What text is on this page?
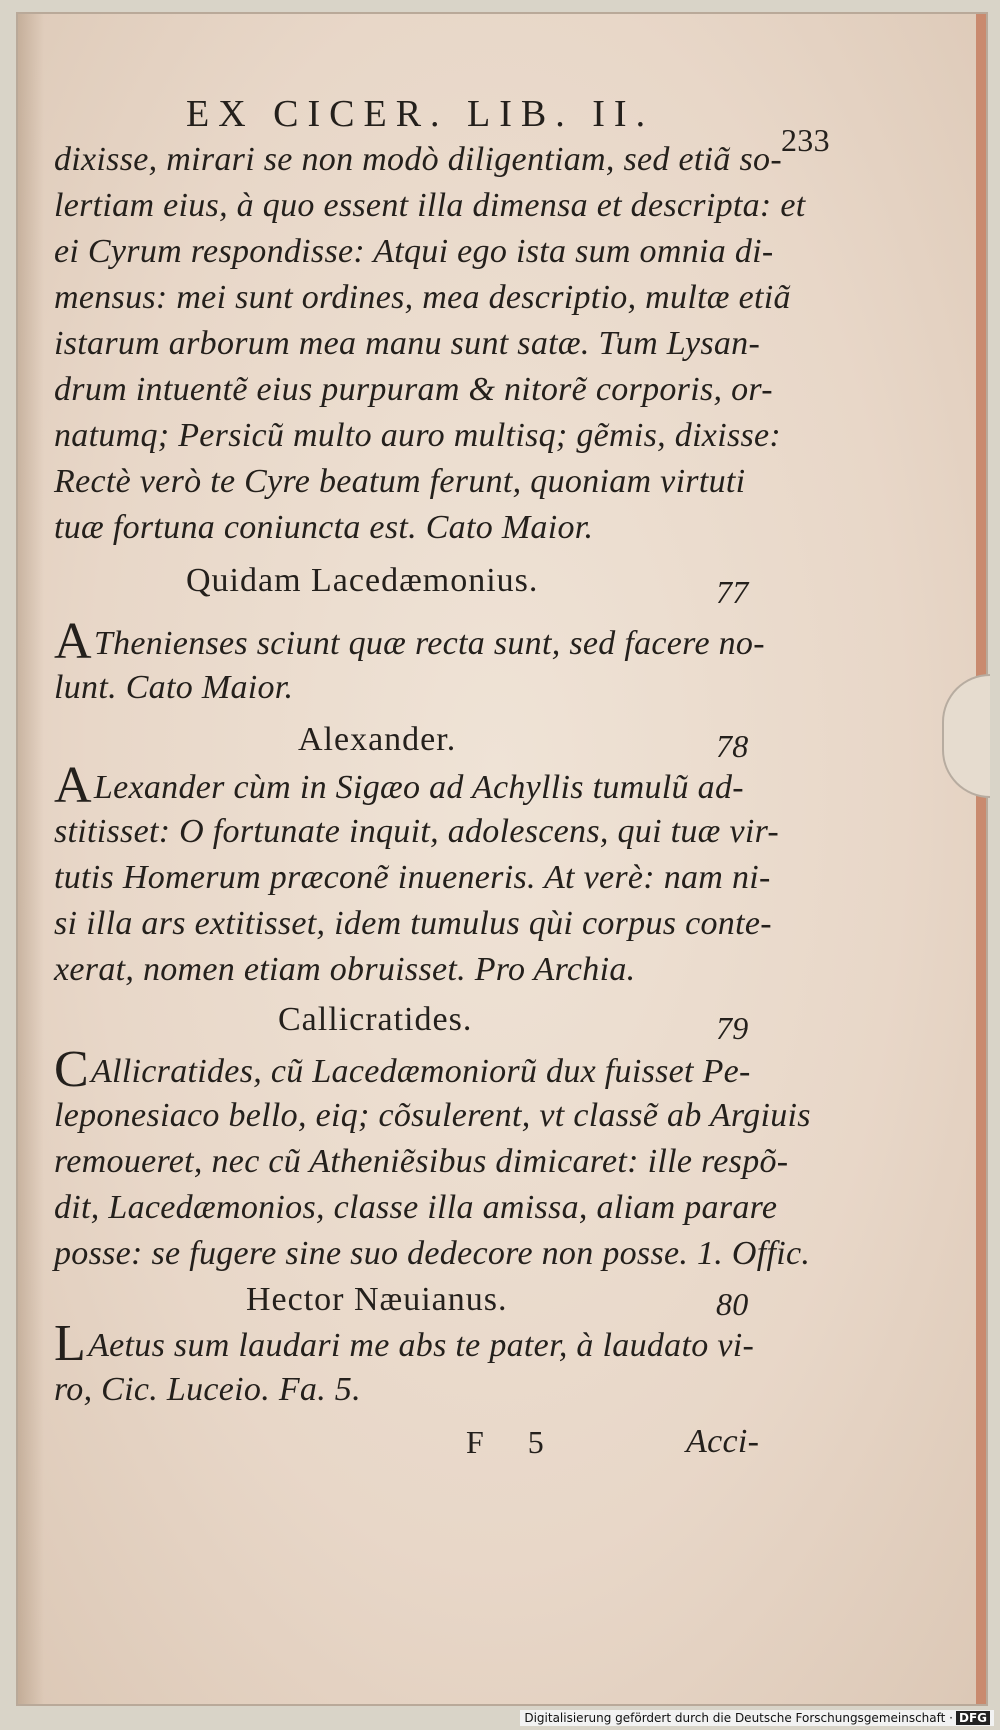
EX CICER. LIB. II.
233
dixisse, mirari se non modò diligentiam, sed etiã so-
lertiam eius, à quo essent illa dimensa et descripta: et
ei Cyrum respondisse: Atqui ego ista sum omnia di-
mensus: mei sunt ordines, mea descriptio, multæ etiã
istarum arborum mea manu sunt satæ. Tum Lysan-
drum intuentẽ eius purpuram & nitorẽ corporis, or-
natumq; Persicũ multo auro multisq; gẽmis, dixisse:
Rectè verò te Cyre beatum ferunt, quoniam virtuti
tuæ fortuna coniuncta est. Cato Maior.
Quidam Lacedæmonius.	77
AThenienses sciunt quæ recta sunt, sed facere no-
lunt. Cato Maior.
Alexander.	78
ALexander cùm in Sigæo ad Achyllis tumulũ ad-
stitisset: O fortunate inquit, adolescens, qui tuæ vir-
tutis Homerum præconẽ inueneris. At verè: nam ni-
si illa ars extitisset, idem tumulus qùi corpus conte-
xerat, nomen etiam obruisset. Pro Archia.
Callicratides.	79
CAllicratides, cũ Lacedæmoniorũ dux fuisset Pe-
leponesiaco bello, eiq; cõsulerent, vt classẽ ab Argiuis
remoueret, nec cũ Atheniẽsibus dimicaret: ille respõ-
dit, Lacedæmonios, classe illa amissa, aliam parare
posse: se fugere sine suo dedecore non posse. 1. Offic.
Hector Næuianus.	80
LAetus sum laudari me abs te pater, à laudato vi-
ro, Cic. Luceio. Fa. 5.
F 5	Acci-
Digitalisierung gefördert durch die Deutsche Forschungsgemeinschaft · DFG
